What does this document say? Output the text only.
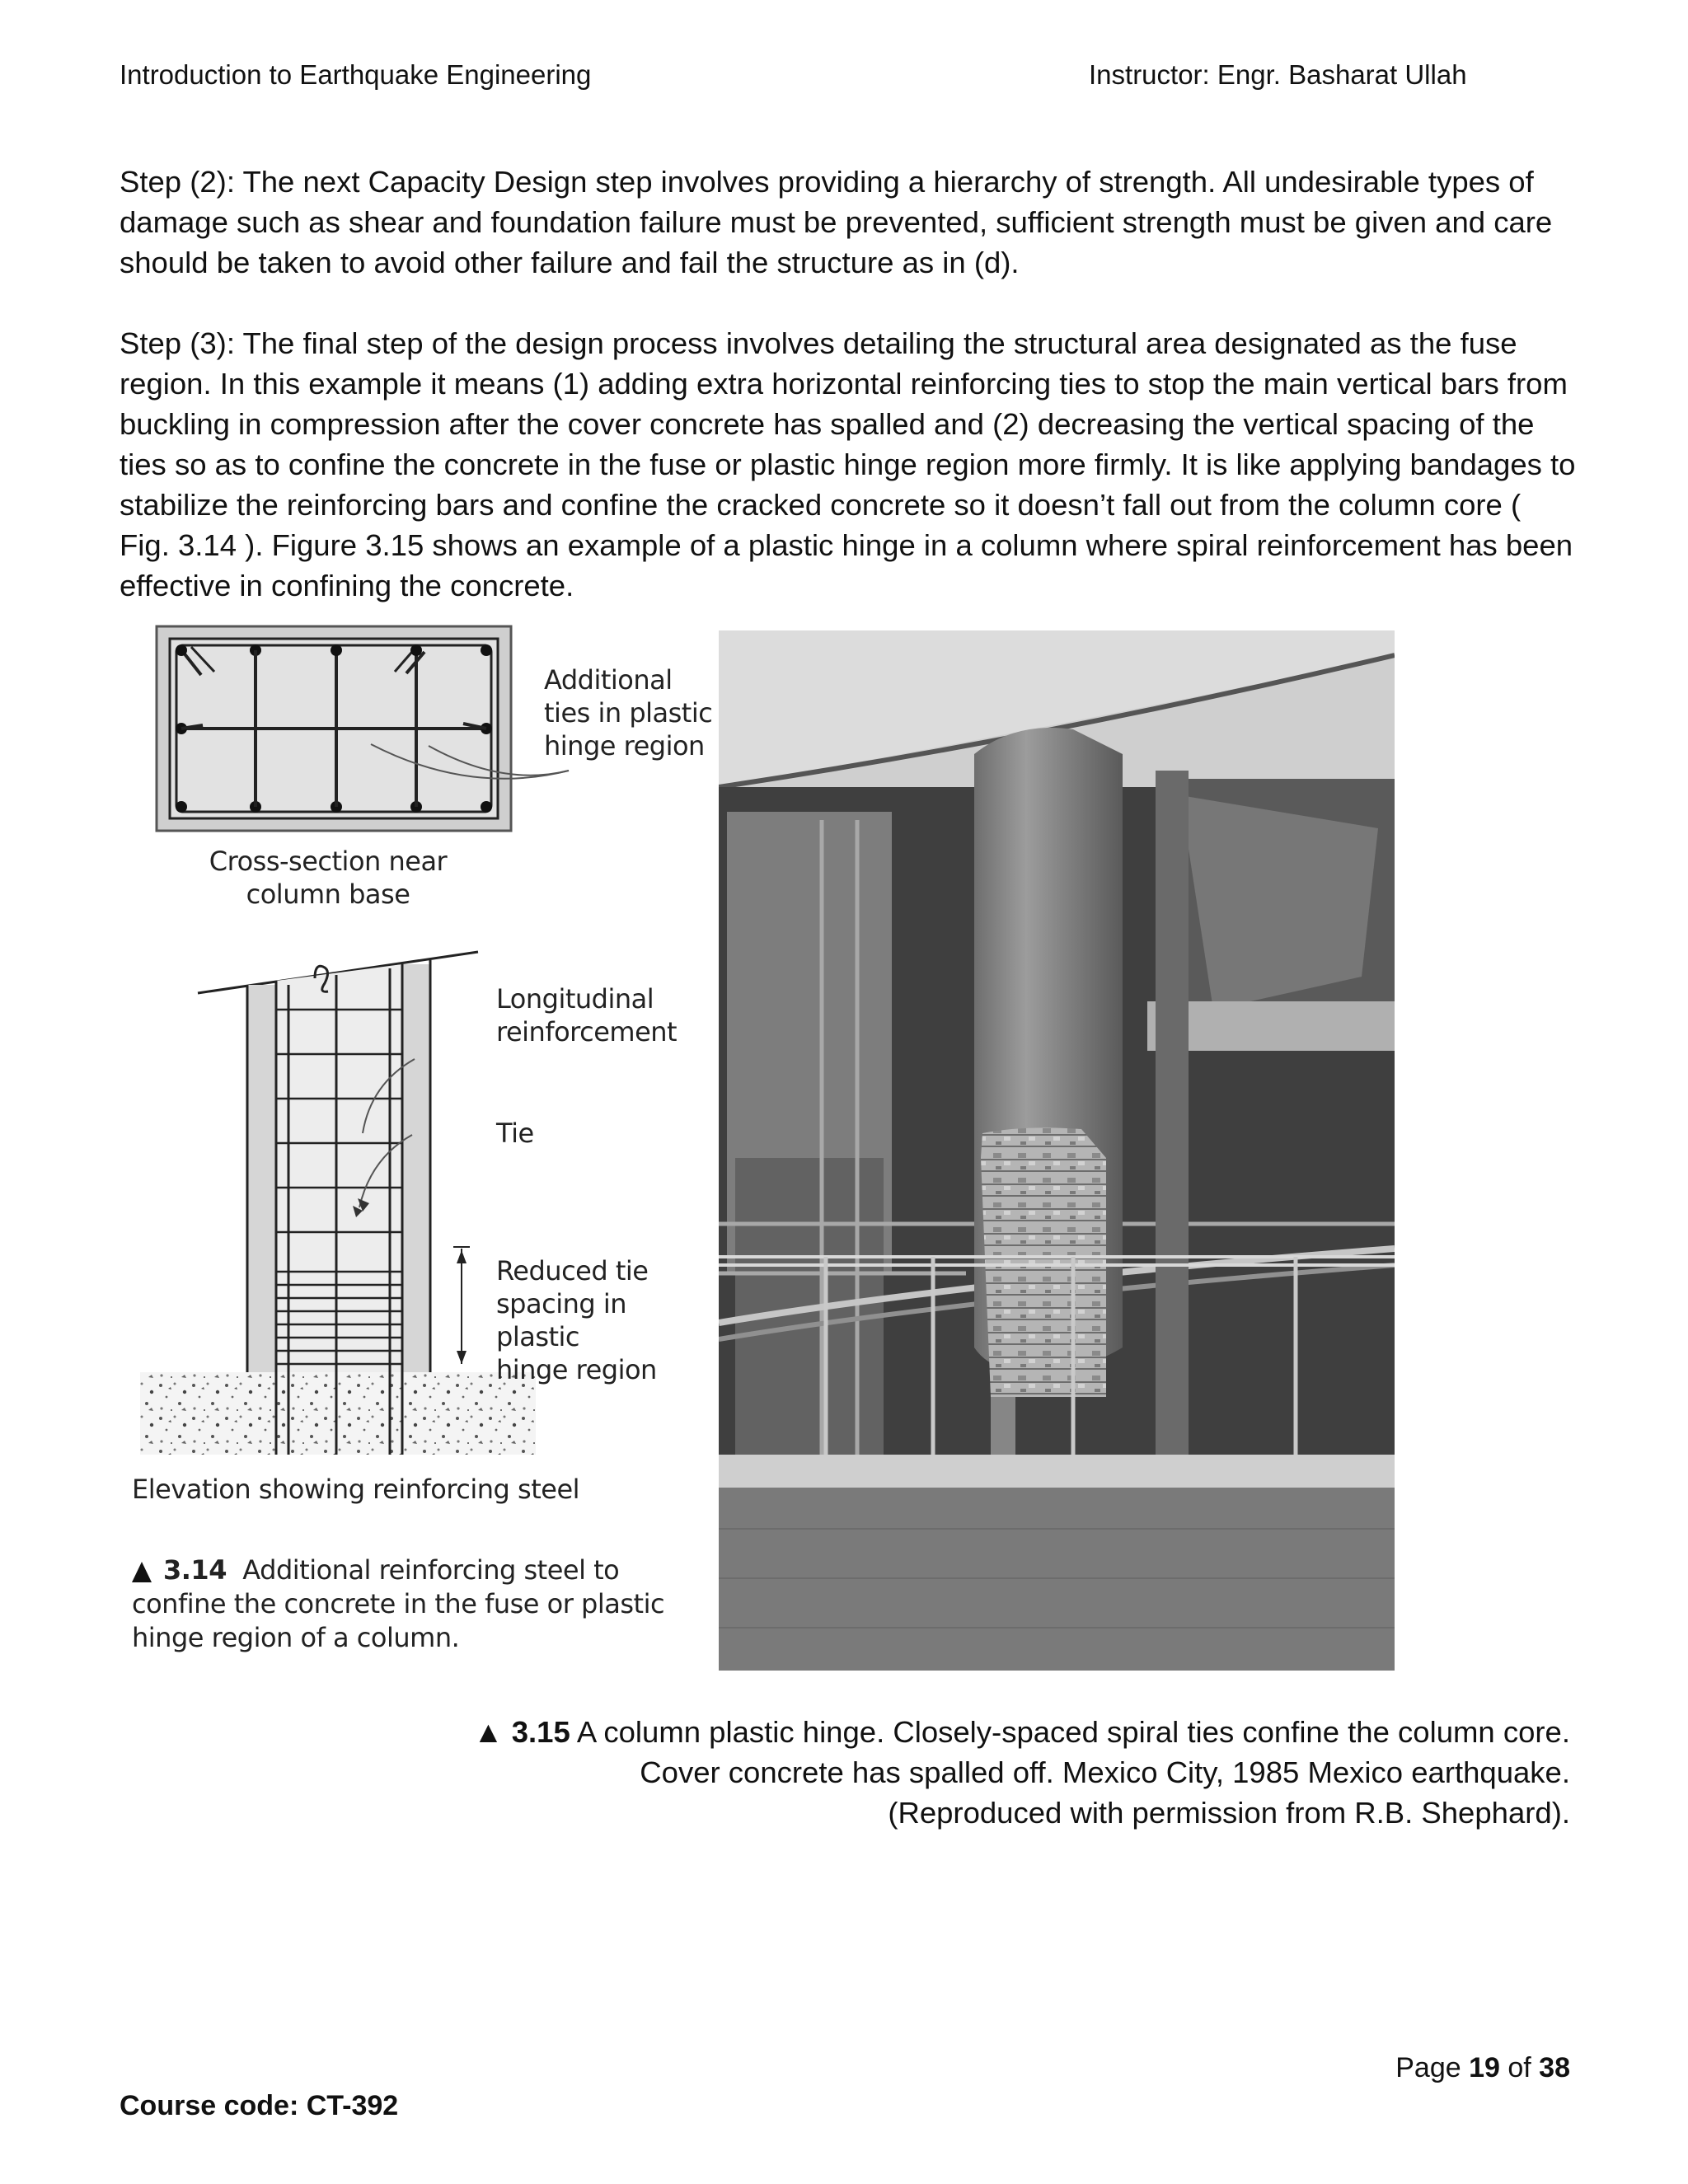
Introduction to Earthquake Engineering	Instructor: Engr. Basharat Ullah

Step (2): The next Capacity Design step involves providing a hierarchy of strength. All undesirable types of damage such as shear and foundation failure must be prevented, sufficient strength must be given and care should be taken to avoid other failure and fail the structure as in (d).

Step (3): The final step of the design process involves detailing the structural area designated as the fuse region. In this example it means (1) adding extra horizontal reinforcing ties to stop the main vertical bars from buckling in compression after the cover concrete has spalled and (2) decreasing the vertical spacing of the ties so as to confine the concrete in the fuse or plastic hinge region more firmly. It is like applying bandages to stabilize the reinforcing bars and confine the cracked concrete so it doesn’t fall out from the column core ( Fig. 3.14 ). Figure 3.15 shows an example of a plastic hinge in a column where spiral reinforcement has been effective in confining the concrete.

Additional
ties in plastic
hinge region
Cross-section near
column base
Longitudinal
reinforcement
Tie
Reduced tie
spacing in plastic
hinge region
Elevation showing reinforcing steel
3.14 Additional reinforcing steel to
confine the concrete in the fuse or plastic
hinge region of a column.
▲ 3.15 A column plastic hinge. Closely-spaced spiral ties confine the column core.
Cover concrete has spalled off. Mexico City, 1985 Mexico earthquake.
(Reproduced with permission from R.B. Shephard).
Page 19 of 38
Course code: CT-392
